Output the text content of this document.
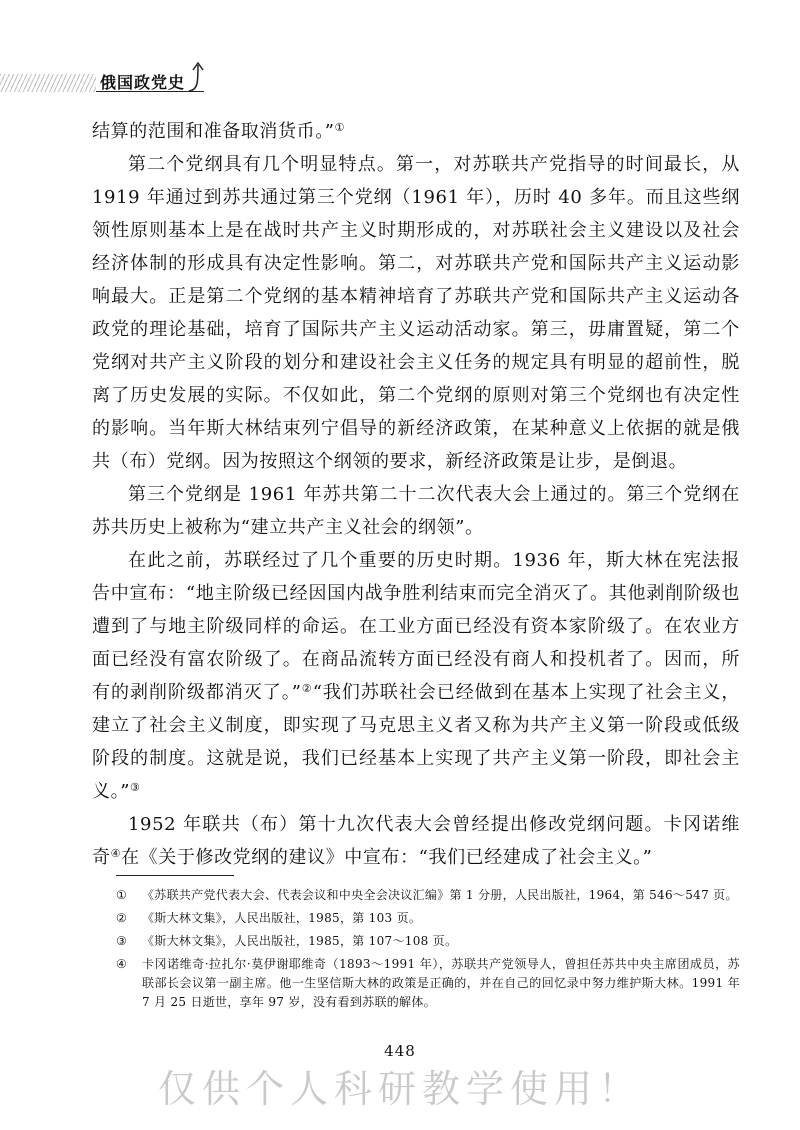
俄国政党史

结算的范围和准备取消货币。”①

第二个党纲具有几个明显特点。第一，对苏联共产党指导的时间最长，从1919 年通过到苏共通过第三个党纲（1961 年），历时 40 多年。而且这些纲领性原则基本上是在战时共产主义时期形成的，对苏联社会主义建设以及社会经济体制的形成具有决定性影响。第二，对苏联共产党和国际共产主义运动影响最大。正是第二个党纲的基本精神培育了苏联共产党和国际共产主义运动各政党的理论基础，培育了国际共产主义运动活动家。第三，毋庸置疑，第二个党纲对共产主义阶段的划分和建设社会主义任务的规定具有明显的超前性，脱离了历史发展的实际。不仅如此，第二个党纲的原则对第三个党纲也有决定性的影响。当年斯大林结束列宁倡导的新经济政策，在某种意义上依据的就是俄共（布）党纲。因为按照这个纲领的要求，新经济政策是让步，是倒退。

第三个党纲是 1961 年苏共第二十二次代表大会上通过的。第三个党纲在苏共历史上被称为“建立共产主义社会的纲领”。

在此之前，苏联经过了几个重要的历史时期。1936 年，斯大林在宪法报告中宣布：“地主阶级已经因国内战争胜利结束而完全消灭了。其他剥削阶级也遭到了与地主阶级同样的命运。在工业方面已经没有资本家阶级了。在农业方面已经没有富农阶级了。在商品流转方面已经没有商人和投机者了。因而，所有的剥削阶级都消灭了。”②“我们苏联社会已经做到在基本上实现了社会主义，建立了社会主义制度，即实现了马克思主义者又称为共产主义第一阶段或低级阶段的制度。这就是说，我们已经基本上实现了共产主义第一阶段，即社会主义。”③

1952 年联共（布）第十九次代表大会曾经提出修改党纲问题。卡冈诺维奇④在《关于修改党纲的建议》中宣布：“我们已经建成了社会主义。”

①	《苏联共产党代表大会、代表会议和中央全会决议汇编》第 1 分册，人民出版社，1964，第 546～547 页。
②	《斯大林文集》，人民出版社，1985，第 103 页。
③	《斯大林文集》，人民出版社，1985，第 107～108 页。
④	卡冈诺维奇·拉扎尔·莫伊谢耶维奇（1893～1991 年），苏联共产党领导人，曾担任苏共中央主席团成员，苏联部长会议第一副主席。他一生坚信斯大林的政策是正确的，并在自己的回忆录中努力维护斯大林。1991 年 7 月 25 日逝世，享年 97 岁，没有看到苏联的解体。
448
仅供个人科研教学使用！
